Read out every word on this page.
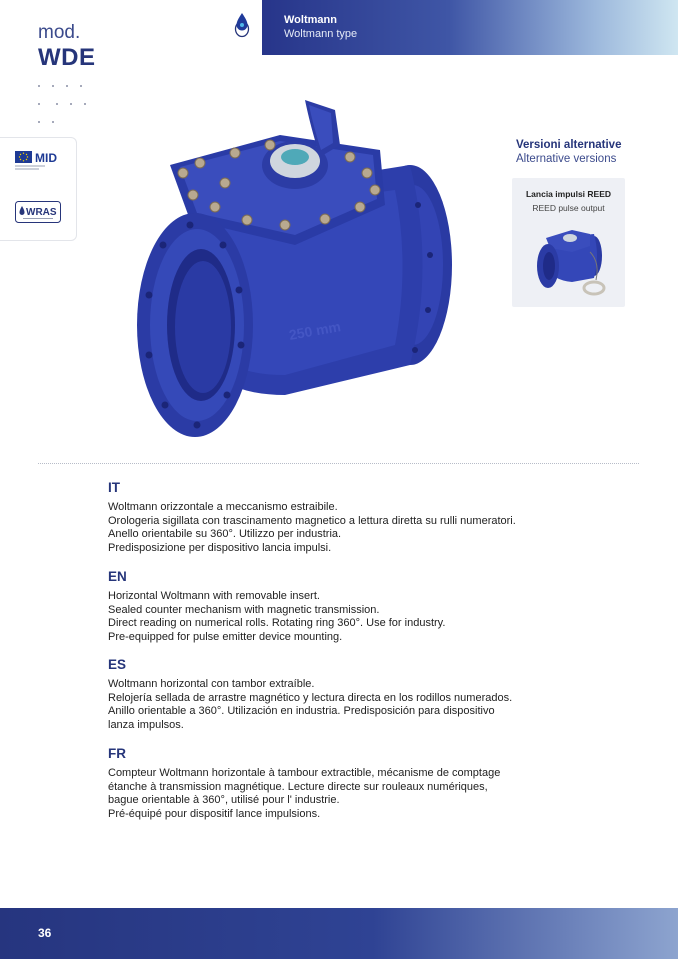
mod.
WDE

Woltmann
Woltmann type
MID
WRAS
250 mm
Versioni alternative
Alternative versions
Lancia impulsi REED
REED pulse output
IT
Woltmann orizzontale a meccanismo estraibile.
Orologeria sigillata con trascinamento magnetico a lettura diretta su rulli numeratori.
Anello orientabile su 360°. Utilizzo per industria.
Predisposizione per dispositivo lancia impulsi.
EN
Horizontal Woltmann with removable insert.
Sealed counter mechanism with magnetic transmission.
Direct reading on numerical rolls. Rotating ring 360°. Use for industry.
Pre-equipped for pulse emitter device mounting.
ES
Woltmann horizontal con tambor extraíble.
Relojería sellada de arrastre magnético y lectura directa en los rodillos numerados.
Anillo orientable a 360°. Utilización en industria. Predisposición para dispositivo
lanza impulsos.
FR
Compteur Woltmann horizontale à tambour extractible, mécanisme de comptage
étanche à transmission magnétique. Lecture directe sur rouleaux numériques,
bague orientable à 360°, utilisé pour l' industrie.
Pré-équipé pour dispositif lance impulsions.
36
